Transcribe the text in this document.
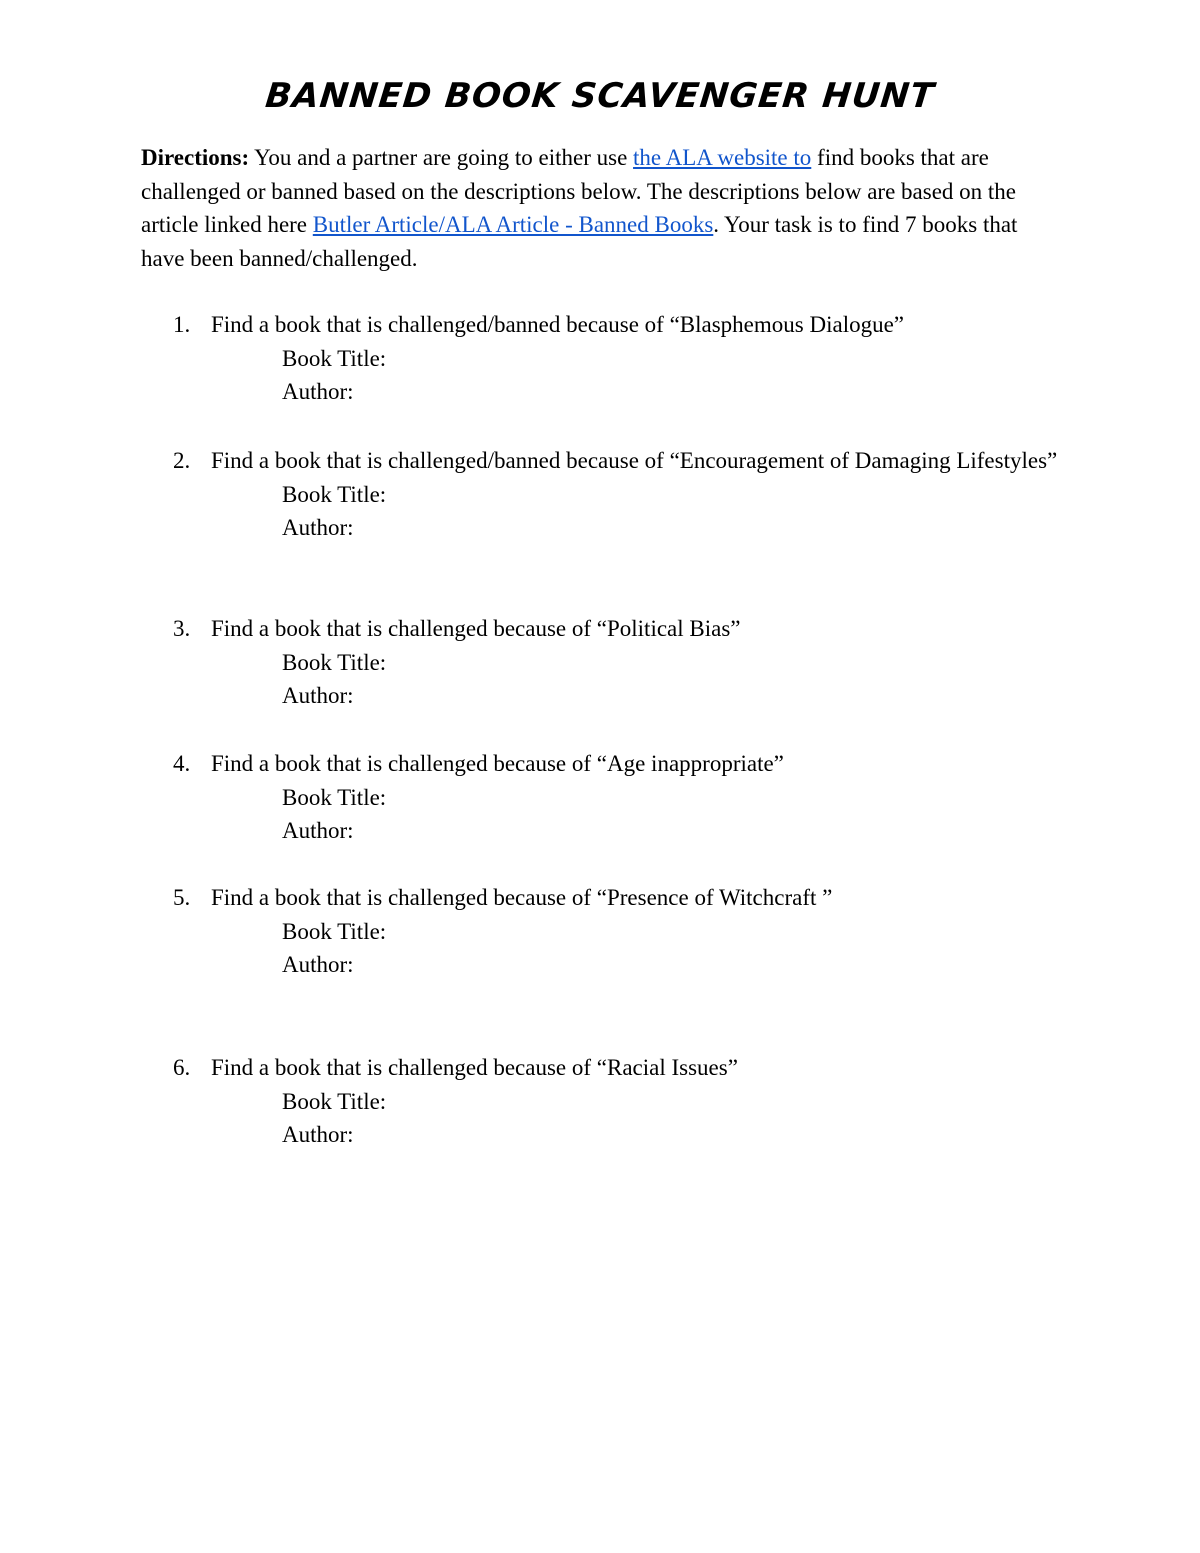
BANNED BOOK SCAVENGER HUNT
Directions: You and a partner are going to either use the ALA website to find books that are challenged or banned based on the descriptions below. The descriptions below are based on the article linked here Butler Article/ALA Article - Banned Books. Your task is to find 7 books that have been banned/challenged.
1. Find a book that is challenged/banned because of “Blasphemous Dialogue”
Book Title:
Author:
2. Find a book that is challenged/banned because of “Encouragement of Damaging Lifestyles”
Book Title:
Author:
3. Find a book that is challenged because of “Political Bias”
Book Title:
Author:
4. Find a book that is challenged because of “Age inappropriate”
Book Title:
Author:
5. Find a book that is challenged because of “Presence of Witchcraft ”
Book Title:
Author:
6. Find a book that is challenged because of “Racial Issues”
Book Title:
Author:
